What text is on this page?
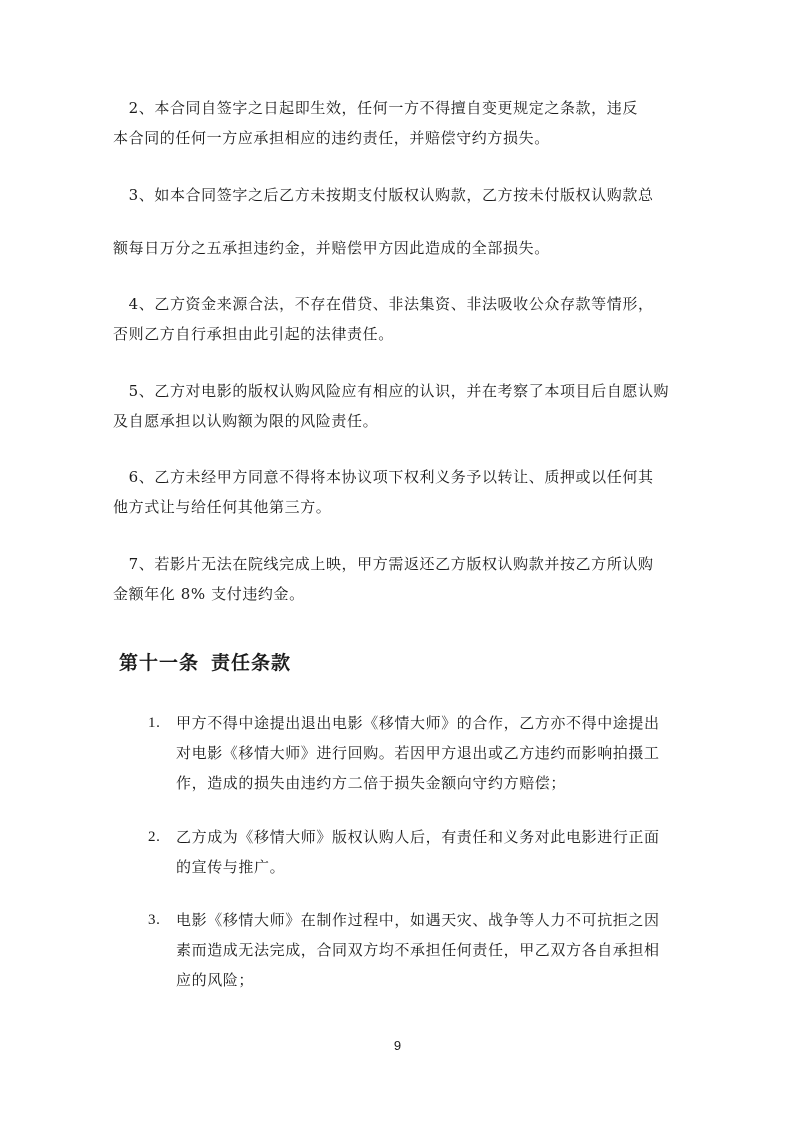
　2、本合同自签字之日起即生效，任何一方不得擅自变更规定之条款，违反
本合同的任何一方应承担相应的违约责任，并赔偿守约方损失。
　3、如本合同签字之后乙方未按期支付版权认购款，乙方按未付版权认购款总
额每日万分之五承担违约金，并赔偿甲方因此造成的全部损失。
　4、乙方资金来源合法，不存在借贷、非法集资、非法吸收公众存款等情形，
否则乙方自行承担由此引起的法律责任。
　5、乙方对电影的版权认购风险应有相应的认识，并在考察了本项目后自愿认购
及自愿承担以认购额为限的风险责任。
　6、乙方未经甲方同意不得将本协议项下权利义务予以转让、质押或以任何其
他方式让与给任何其他第三方。
　7、若影片无法在院线完成上映，甲方需返还乙方版权认购款并按乙方所认购
金额年化 8% 支付违约金。
第十一条 责任条款
1. 甲方不得中途提出退出电影《移情大师》的合作，乙方亦不得中途提出
对电影《移情大师》进行回购。若因甲方退出或乙方违约而影响拍摄工
作，造成的损失由违约方二倍于损失金额向守约方赔偿；
2. 乙方成为《移情大师》版权认购人后，有责任和义务对此电影进行正面
的宣传与推广。
3. 电影《移情大师》在制作过程中，如遇天灾、战争等人力不可抗拒之因
素而造成无法完成，合同双方均不承担任何责任，甲乙双方各自承担相
应的风险；
9
